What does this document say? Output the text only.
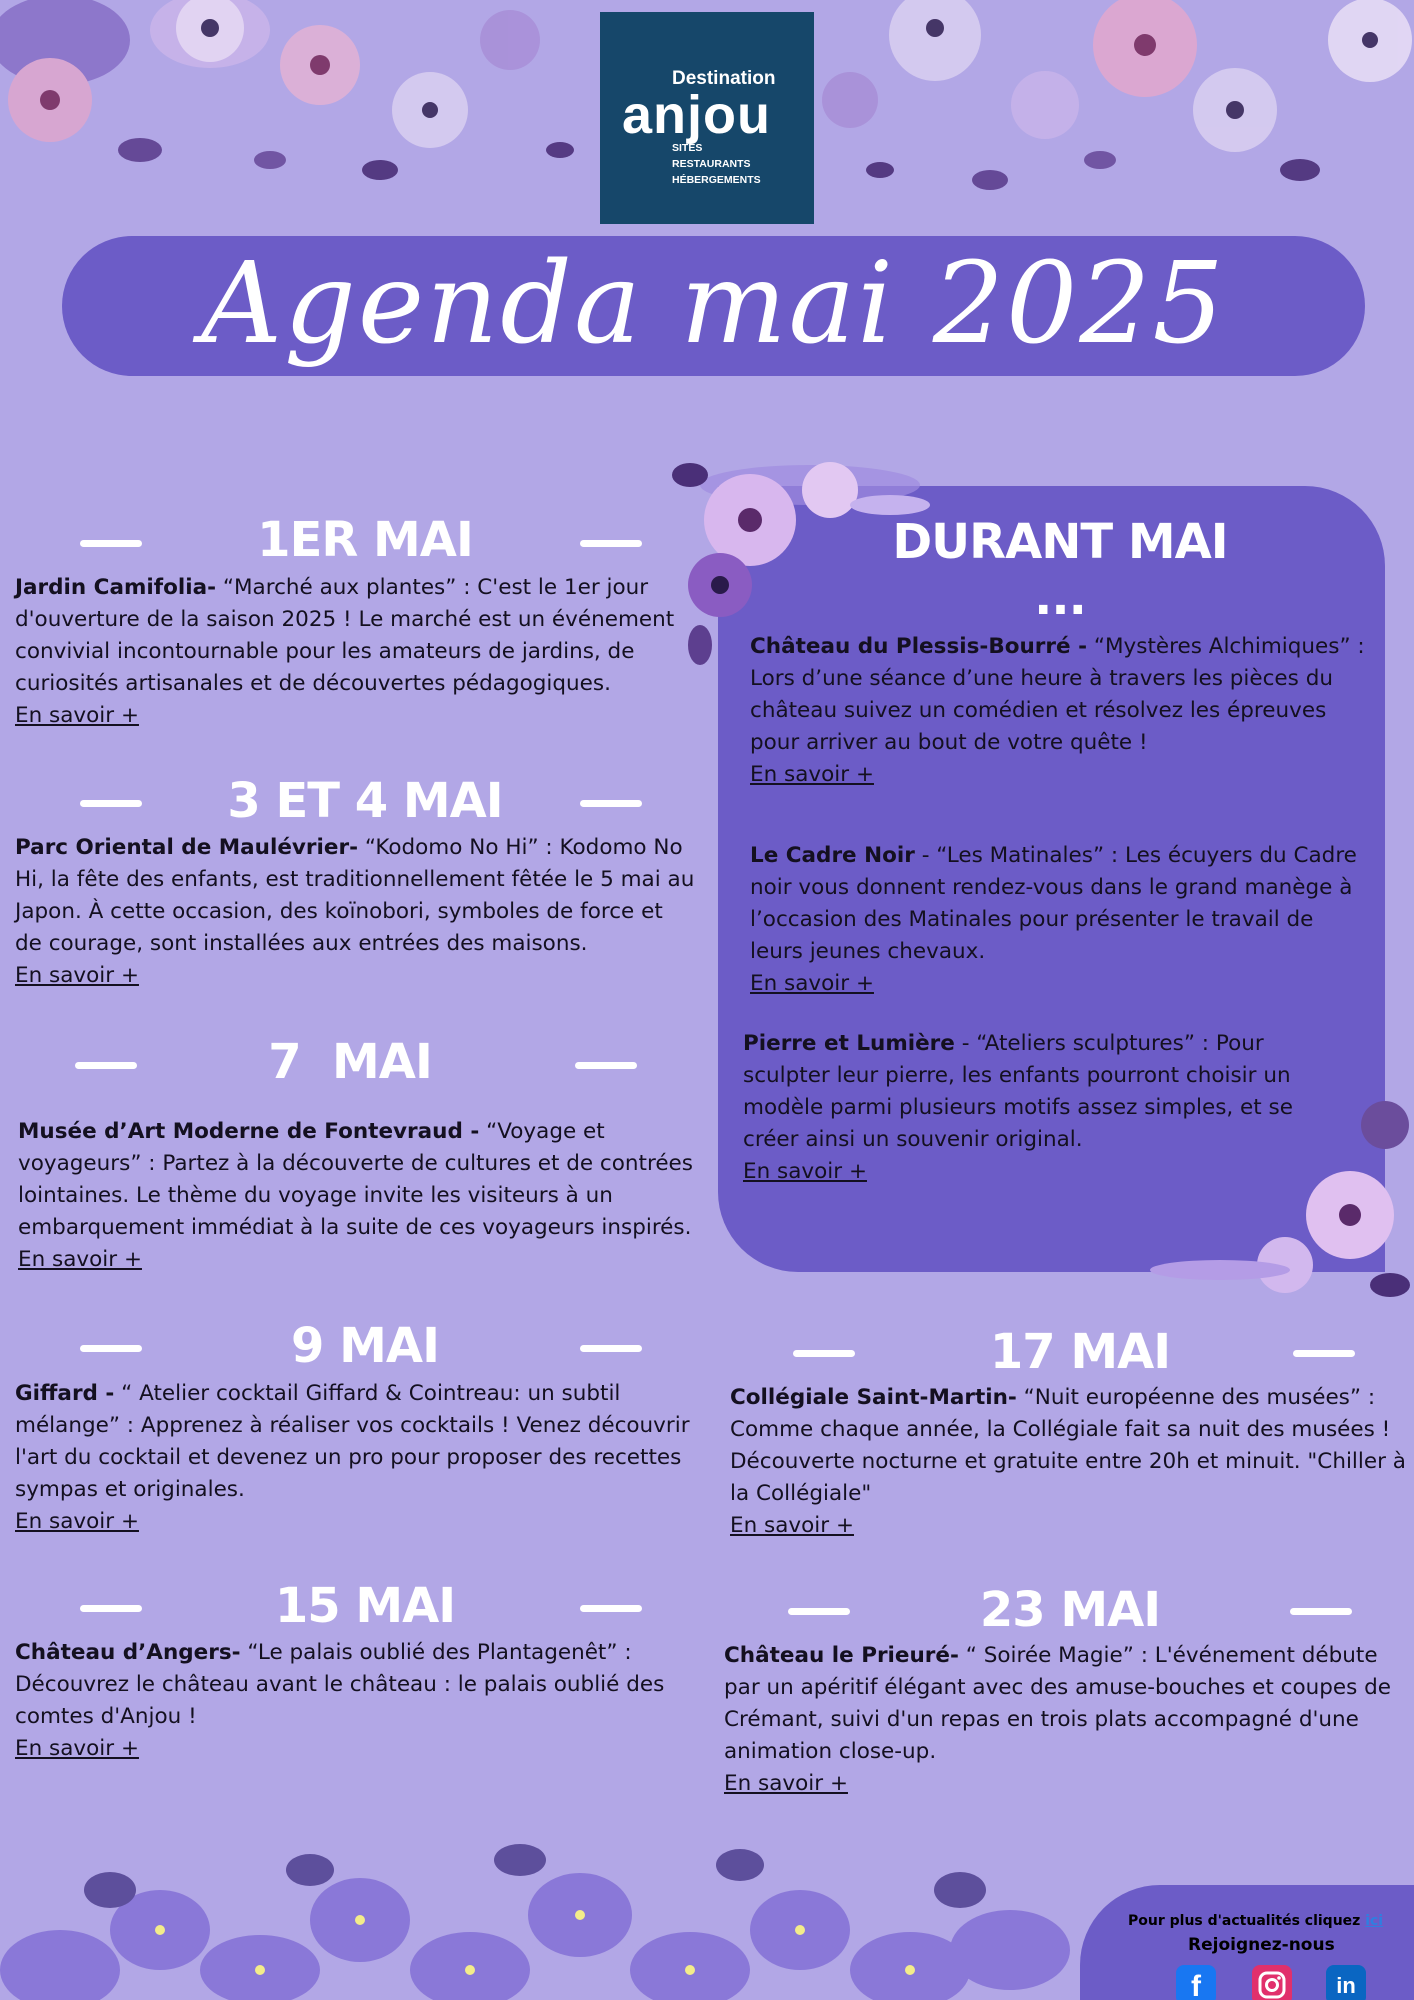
Destination
anjou
SITES
RESTAURANTS
HÉBERGEMENTS
Agenda mai 2025
1ER MAI
Jardin Camifolia- “Marché aux plantes” : C'est le 1er jour d'ouverture de la saison 2025 ! Le marché est un événement convivial incontournable pour les amateurs de jardins, de curiosités artisanales et de découvertes pédagogiques.
En savoir +
3 ET 4 MAI
Parc Oriental de Maulévrier- “Kodomo No Hi” : Kodomo No Hi, la fête des enfants, est traditionnellement fêtée le 5 mai au Japon. À cette occasion, des koïnobori, symboles de force et de courage, sont installées aux entrées des maisons.
En savoir +
7  MAI
Musée d’Art Moderne de Fontevraud - “Voyage et voyageurs” : Partez à la découverte de cultures et de contrées lointaines. Le thème du voyage invite les visiteurs à un embarquement immédiat à la suite de ces voyageurs inspirés.
En savoir +
9 MAI
Giffard - “ Atelier cocktail Giffard & Cointreau: un subtil mélange” : Apprenez à réaliser vos cocktails ! Venez découvrir l'art du cocktail et devenez un pro pour proposer des recettes sympas et originales.
En savoir +
15 MAI
Château d’Angers- “Le palais oublié des Plantagenêt” : Découvrez le château avant le château : le palais oublié des comtes d'Anjou !
En savoir +
17 MAI
Collégiale Saint-Martin- “Nuit européenne des musées” : Comme chaque année, la Collégiale fait sa nuit des musées ! Découverte nocturne et gratuite entre 20h et minuit. "Chiller à la Collégiale"
En savoir +
23 MAI
Château le Prieuré- “ Soirée Magie” : L'événement débute par un apéritif élégant avec des amuse-bouches et coupes de Crémant, suivi d'un repas en trois plats accompagné d'une animation close-up.
En savoir +
DURANT MAI ...
Château du Plessis-Bourré - “Mystères Alchimiques” : Lors d’une séance d’une heure à travers les pièces du château suivez un comédien et résolvez les épreuves pour arriver au bout de votre quête !
En savoir +
Le Cadre Noir - “Les Matinales” : Les écuyers du Cadre noir vous donnent rendez-vous dans le grand manège à l’occasion des Matinales pour présenter le travail de leurs jeunes chevaux.
En savoir +
Pierre et Lumière - “Ateliers sculptures” : Pour sculpter leur pierre, les enfants pourront choisir un modèle parmi plusieurs motifs assez simples, et se créer ainsi un souvenir original.
En savoir +
Pour plus d'actualités cliquez ici
Rejoignez-nous
f	in
